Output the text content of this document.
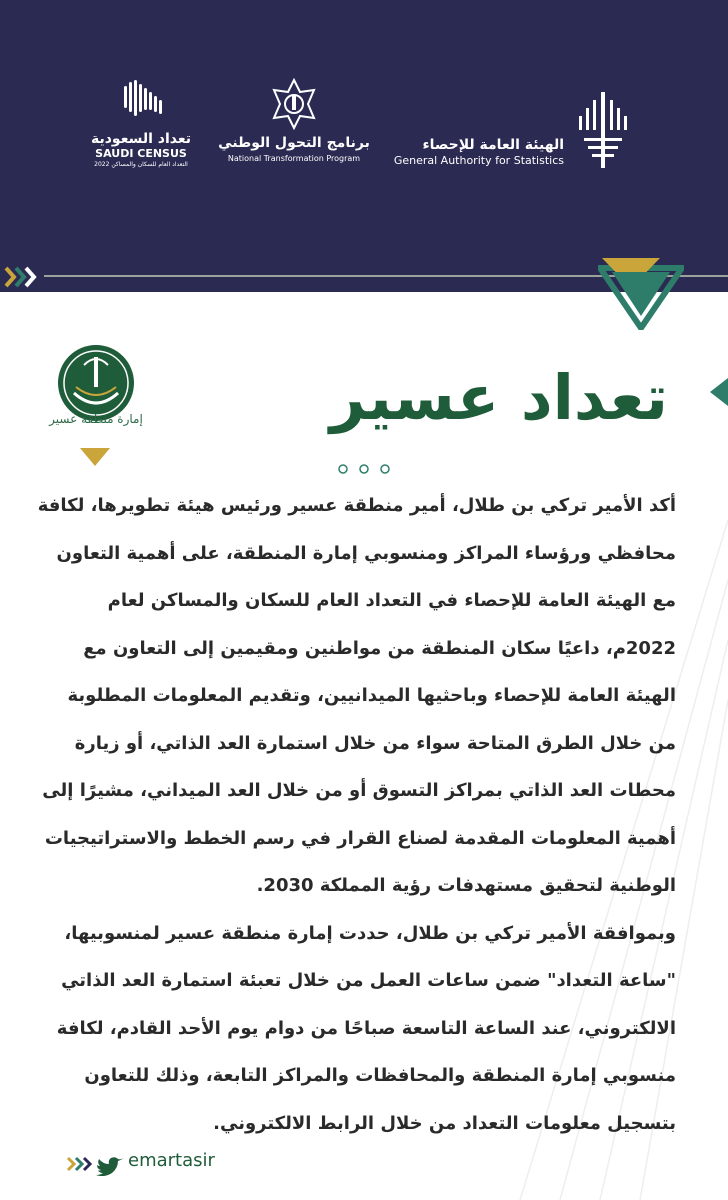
تعداد السعودية
SAUDI CENSUS
التعداد العام للسكان والمساكن 2022
برنامج التحول الوطني
National Transformation Program
الهيئة العامة للإحصاء
General Authority for Statistics
إمارة منطقة عسير	تعداد عسير
أكد الأمير تركي بن طلال، أمير منطقة عسير ورئيس هيئة تطويرها، لكافة
محافظي ورؤساء المراكز ومنسوبي إمارة المنطقة، على أهمية التعاون
مع الهيئة العامة للإحصاء في التعداد العام للسكان والمساكن لعام
2022م، داعيًا سكان المنطقة من مواطنين ومقيمين إلى التعاون مع
الهيئة العامة للإحصاء وباحثيها الميدانيين، وتقديم المعلومات المطلوبة
من خلال الطرق المتاحة سواء من خلال استمارة العد الذاتي، أو زيارة
محطات العد الذاتي بمراكز التسوق أو من خلال العد الميداني، مشيرًا إلى
أهمية المعلومات المقدمة لصناع القرار في رسم الخطط والاستراتيجيات
الوطنية لتحقيق مستهدفات رؤية المملكة 2030.
وبموافقة الأمير تركي بن طلال، حددت إمارة منطقة عسير لمنسوبيها،
"ساعة التعداد" ضمن ساعات العمل من خلال تعبئة استمارة العد الذاتي
الالكتروني، عند الساعة التاسعة صباحًا من دوام يوم الأحد القادم، لكافة
منسوبي إمارة المنطقة والمحافظات والمراكز التابعة، وذلك للتعاون
بتسجيل معلومات التعداد من خلال الرابط الالكتروني.
emartasir
